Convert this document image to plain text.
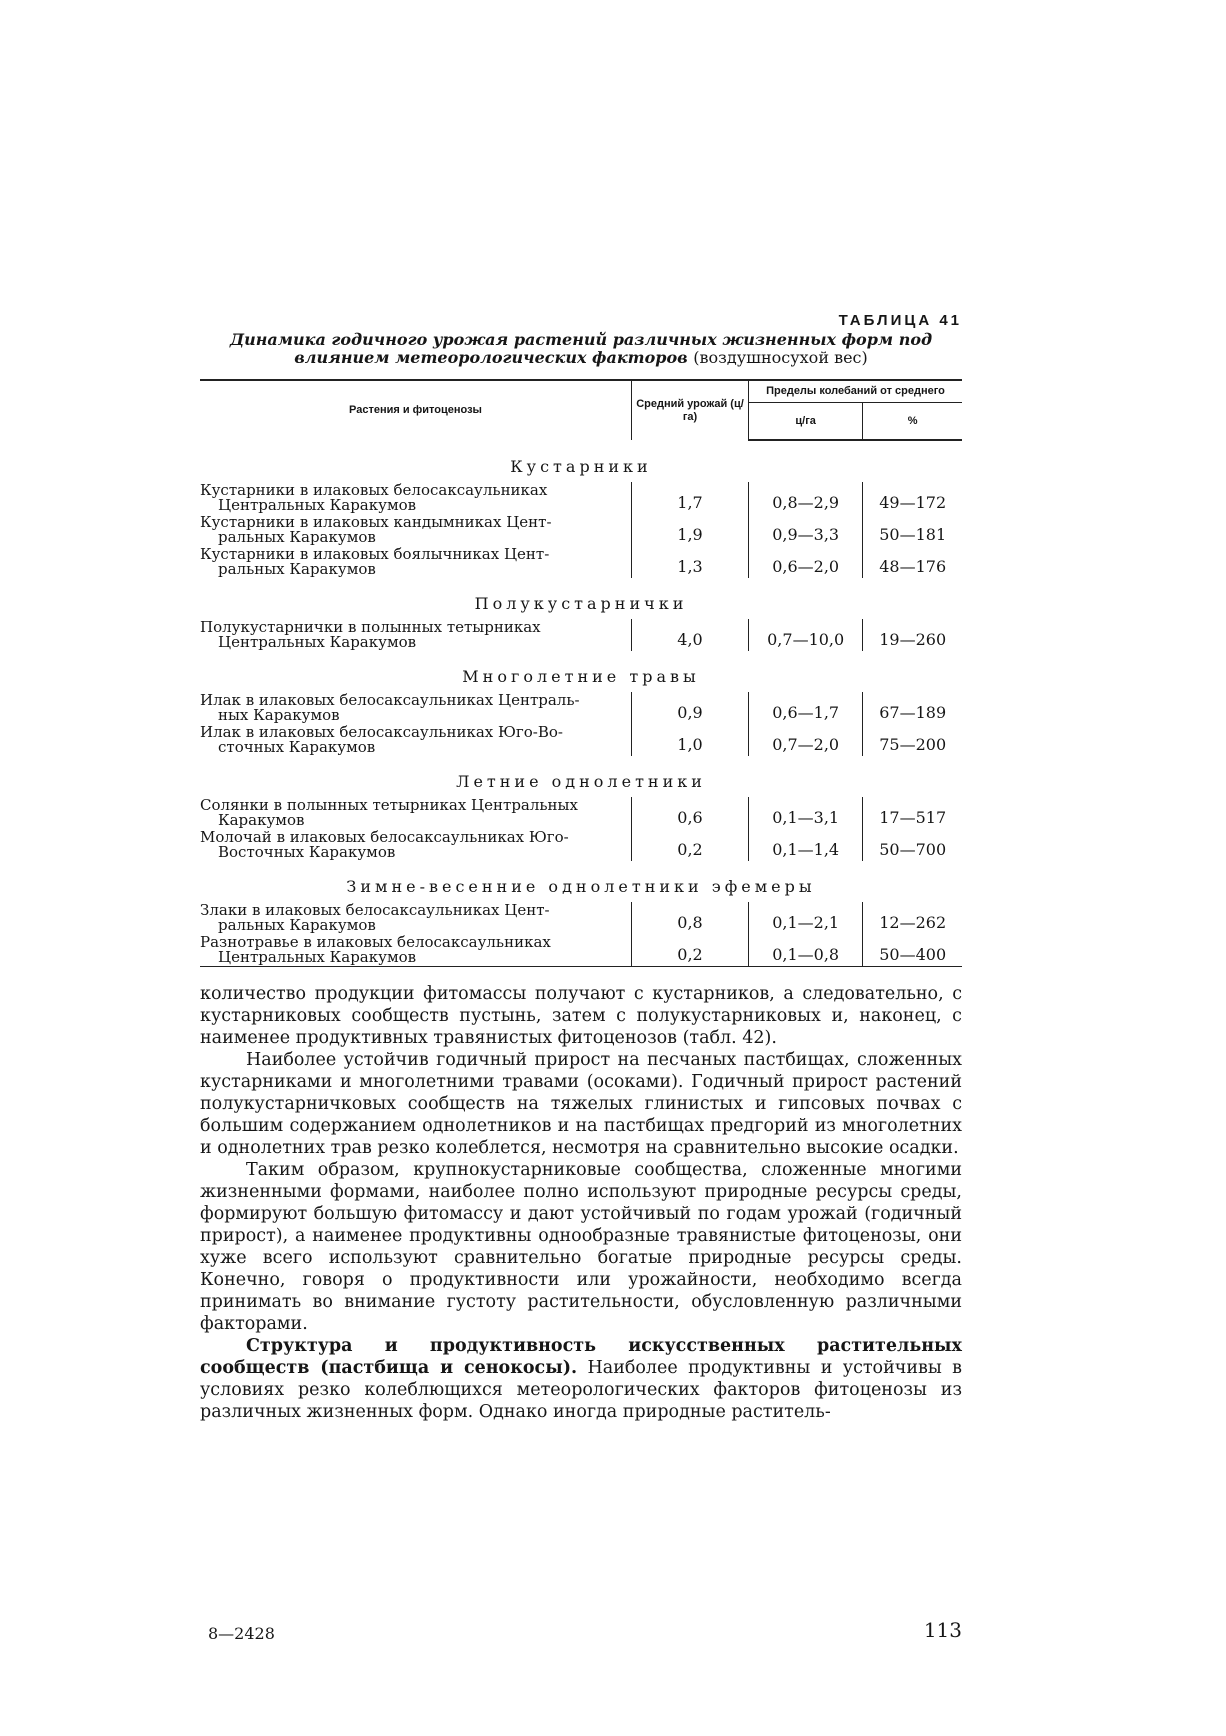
ТАБЛИЦА 41
Динамика годичного урожая растений различных жизненных форм под влиянием метеорологических факторов (воздушносухой вес)
Растения и фитоценозы	Средний урожай (ц/га)	Пределы колебаний от среднего	
		ц/га	%
Кустарники			
Кустарники в илаковых белосаксаульниках
Центральных Каракумов	1,7	0,8—2,9	49—172
Кустарники в илаковых кандымниках Цент-
ральных Каракумов	1,9	0,9—3,3	50—181
Кустарники в илаковых боялычниках Цент-
ральных Каракумов	1,3	0,6—2,0	48—176
Полукустарнички			
Полукустарнички в полынных тетырниках
Центральных Каракумов	4,0	0,7—10,0	19—260
Многолетние травы			
Илак в илаковых белосаксаульниках Централь-
ных Каракумов	0,9	0,6—1,7	67—189
Илак в илаковых белосаксаульниках Юго-Во-
сточных Каракумов	1,0	0,7—2,0	75—200
Летние однолетники			
Солянки в полынных тетырниках Центральных
Каракумов	0,6	0,1—3,1	17—517
Молочай в илаковых белосаксаульниках Юго-
Восточных Каракумов	0,2	0,1—1,4	50—700
Зимне-весенние однолетники эфемеры			
Злаки в илаковых белосаксаульниках Цент-
ральных Каракумов	0,8	0,1—2,1	12—262
Разнотравье в илаковых белосаксаульниках
Центральных Каракумов	0,2	0,1—0,8	50—400

количество продукции фитомассы получают с кустарников, а следовательно, с кустарниковых сообществ пустынь, затем с полукустарниковых и, наконец, с наименее продуктивных травянистых фитоценозов (табл. 42).

Наиболее устойчив годичный прирост на песчаных пастбищах, сложенных кустарниками и многолетними травами (осоками). Годичный прирост растений полукустарничковых сообществ на тяжелых глинистых и гипсовых почвах с большим содержанием однолетников и на пастбищах предгорий из многолетних и однолетних трав резко колеблется, несмотря на сравнительно высокие осадки.

Таким образом, крупнокустарниковые сообщества, сложенные многими жизненными формами, наиболее полно используют природные ресурсы среды, формируют большую фитомассу и дают устойчивый по годам урожай (годичный прирост), а наименее продуктивны однообразные травянистые фитоценозы, они хуже всего используют сравнительно богатые природные ресурсы среды. Конечно, говоря о продуктивности или урожайности, необходимо всегда принимать во внимание густоту растительности, обусловленную различными факторами.

Структура и продуктивность искусственных растительных сообществ (пастбища и сенокосы). Наиболее продуктивны и устойчивы в условиях резко колеблющихся метеорологических факторов фитоценозы из различных жизненных форм. Однако иногда природные раститель-

8—2428	113
